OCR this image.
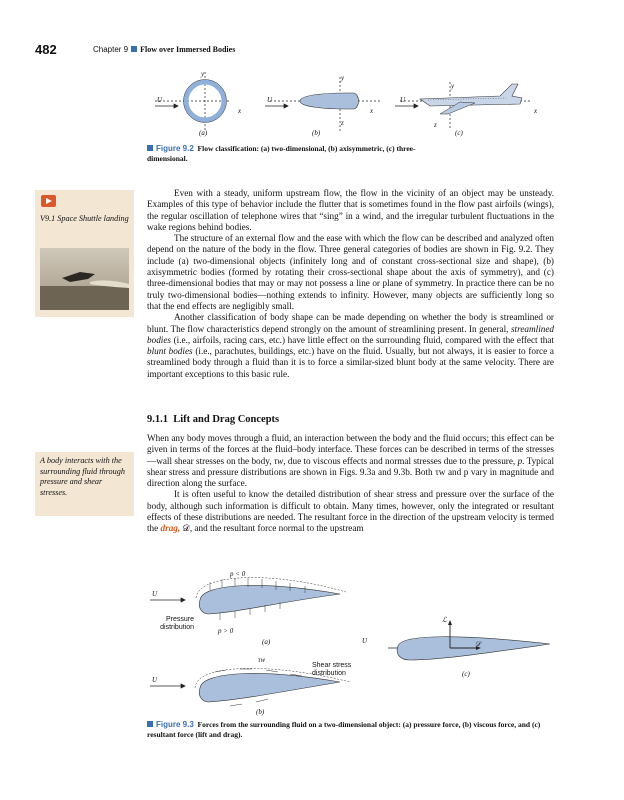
482	Chapter 9 Flow over Immersed Bodies
U
y
x
U
y
x
z
U
y
x
z
(a)	(b)	(c)
Figure 9.2 Flow classification: (a) two-dimensional, (b) axisymmetric, (c) three-dimensional.
V9.1 Space Shuttle landing

Even with a steady, uniform upstream flow, the flow in the vicinity of an object may be unsteady. Examples of this type of behavior include the flutter that is sometimes found in the flow past airfoils (wings), the regular oscillation of telephone wires that “sing” in a wind, and the irregular turbulent fluctuations in the wake regions behind bodies.

The structure of an external flow and the ease with which the flow can be described and analyzed often depend on the nature of the body in the flow. Three general categories of bodies are shown in Fig. 9.2. They include (a) two-dimensional objects (infinitely long and of constant cross-sectional size and shape), (b) axisymmetric bodies (formed by rotating their cross-sectional shape about the axis of symmetry), and (c) three-dimensional bodies that may or may not possess a line or plane of symmetry. In practice there can be no truly two-dimensional bodies—nothing extends to infinity. However, many objects are sufficiently long so that the end effects are negligibly small.

Another classification of body shape can be made depending on whether the body is streamlined or blunt. The flow characteristics depend strongly on the amount of streamlining present. In general, streamlined bodies (i.e., airfoils, racing cars, etc.) have little effect on the surrounding fluid, compared with the effect that blunt bodies (i.e., parachutes, buildings, etc.) have on the fluid. Usually, but not always, it is easier to force a streamlined body through a fluid than it is to force a similar-sized blunt body at the same velocity. There are important exceptions to this basic rule.

9.1.1 Lift and Drag Concepts
A body interacts with the surrounding fluid through pressure and shear stresses.

When any body moves through a fluid, an interaction between the body and the fluid occurs; this effect can be given in terms of the forces at the fluid–body interface. These forces can be described in terms of the stresses—wall shear stresses on the body, τw, due to viscous effects and normal stresses due to the pressure, p. Typical shear stress and pressure distributions are shown in Figs. 9.3a and 9.3b. Both τw and p vary in magnitude and direction along the surface.

It is often useful to know the detailed distribution of shear stress and pressure over the surface of the body, although such information is difficult to obtain. Many times, however, only the integrated or resultant effects of these distributions are needed. The resultant force in the direction of the upstream velocity is termed the drag, 𝒟, and the resultant force normal to the upstream

p < 0
p > 0
U
Pressure distribution
(a)	U
ℒ
𝒟
(c)
τw
Shear stress distribution
U
(b)
Figure 9.3 Forces from the surrounding fluid on a two-dimensional object: (a) pressure force, (b) viscous force, and (c) resultant force (lift and drag).
